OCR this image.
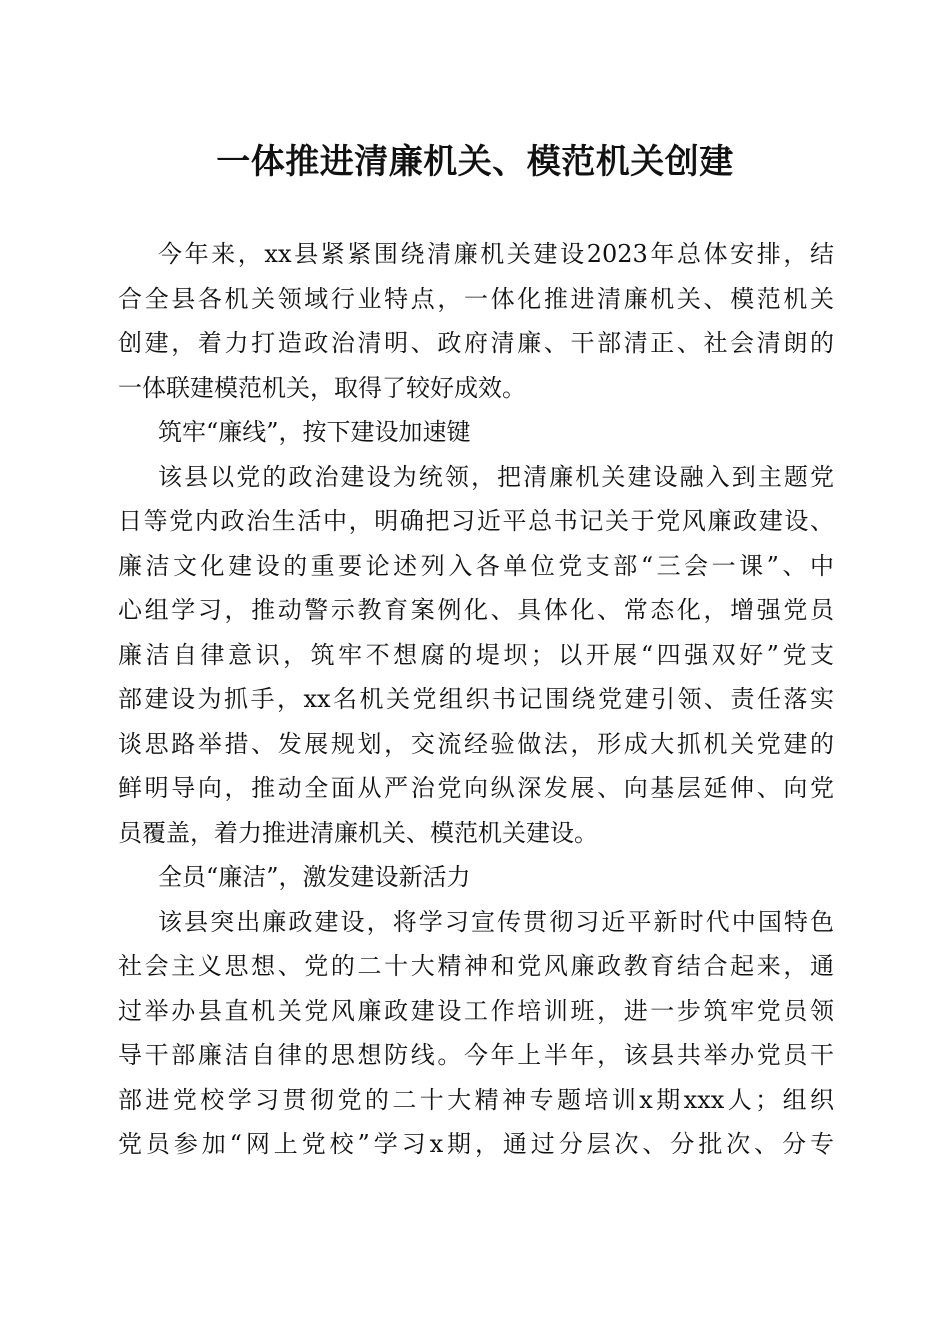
一体推进清廉机关、模范机关创建
今年来，xx县紧紧围绕清廉机关建设2023年总体安排，结
合全县各机关领域行业特点，一体化推进清廉机关、模范机关
创建，着力打造政治清明、政府清廉、干部清正、社会清朗的
一体联建模范机关，取得了较好成效。
筑牢“廉线”，按下建设加速键
该县以党的政治建设为统领，把清廉机关建设融入到主题党
日等党内政治生活中，明确把习近平总书记关于党风廉政建设、
廉洁文化建设的重要论述列入各单位党支部“三会一课”、中
心组学习，推动警示教育案例化、具体化、常态化，增强党员
廉洁自律意识，筑牢不想腐的堤坝；以开展“四强双好”党支
部建设为抓手，xx名机关党组织书记围绕党建引领、责任落实
谈思路举措、发展规划，交流经验做法，形成大抓机关党建的
鲜明导向，推动全面从严治党向纵深发展、向基层延伸、向党
员覆盖，着力推进清廉机关、模范机关建设。
全员“廉洁”，激发建设新活力
该县突出廉政建设，将学习宣传贯彻习近平新时代中国特色
社会主义思想、党的二十大精神和党风廉政教育结合起来，通
过举办县直机关党风廉政建设工作培训班，进一步筑牢党员领
导干部廉洁自律的思想防线。今年上半年，该县共举办党员干
部进党校学习贯彻党的二十大精神专题培训x期xxx人；组织
党员参加“网上党校”学习x期，通过分层次、分批次、分专
